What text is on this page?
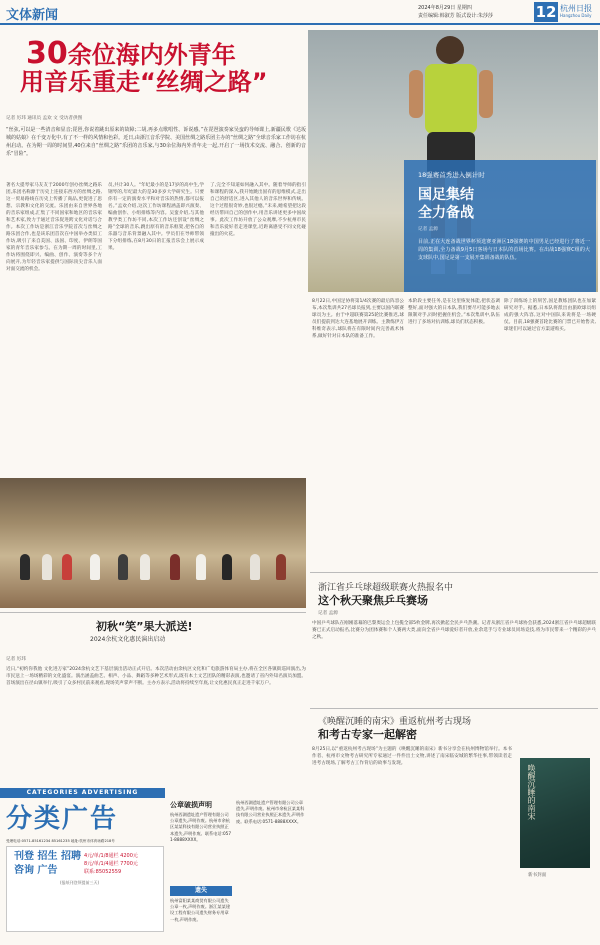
文体新闻	2024年8月29日 星期四
责任编辑:韩淑芳 版式设计:朱莎莎	12 杭州日报
Hangzhou Daily
30余位海内外青年
用音乐重走“丝绸之路”
记者 厉玮 通讯员 孟欢 文 受访者供图
“丝弦,可以是一些清音和显音;琵琶,你说着跳出原来的故障;二胡,再多点歌唱性、诉说感。”在琵琶演奏家吴蛮的导师课上,新疆民歌《达坂城的姑娘》在千变万化中,有了不一样的风情和色彩。近日,由浙江音乐学院、美国丝绸之路乐团主办的“丝绸之路”全球音乐家工作坊在杭州启动。在为期一周的时间里,40位来自“丝绸之路”乐团的音乐家,与30余位海内外青年走一起,开启了一场技术交流、融合、创新的音乐“冒险”。
著名大提琴家马友友于2000年创办丝绸之路乐团,乐团名称源于历史上连接东西方的丝绸之路,这一贸易路线在历史上传播了商品,更促进了思想、宗教和文化的交流。乐团由来自世界各地的音乐家组成,汇集了不同国家和地区的音乐家和艺术家,致力于通过音乐促进跨文化对话与合作。本次工作坊是浙江音乐学院首次与丝绸之路乐团合作,也是该乐团首次在中国举办类似工作坊,吸引了来自美国、法国、印度、伊朗等国家的青年音乐家参与。在为期一周的时间里,工作坊将围绕即兴、编曲、创作、演奏等多个方向展开,为年轻音乐家提供与国际顶尖音乐人面对面交流的机会。
员,共计30人。“年纪最小的是17岁的高中生,学钢琴的,年纪最大的是30多岁大学研究生。只要你有一定的演奏水平和对音乐的热情,都可以报名。”孟欢介绍,这次工作坊课程涵盖即兴演奏、编曲创作、小组排练等内容。吴蛮介绍,与其他教学类工作坊不同,本次工作坊还创设“丝绸之路”全球的音乐,跳出原有的音乐框架,把各自的乐器与音乐背景融入其中。学员们在导师带领下分组排练,在8月30日的汇报音乐会上展示成果。
了,完全不知道如何融入其中。随着导师的指引和课程的深入,我开始跳出固有的思维模式,走出自己的舒适区,进入其他人的音乐世界和传统。这个过程很奇妙,也很过瘾。”未来,她希望把这段经历带回自己的创作中,用音乐讲述更多中国故事。此次工作坊开放了公众观摩,不少杭州市民和音乐爱好者走进课堂,近距离感受不同文化碰撞出的火花。
18强赛首秀进入倒计时
国足集结
全力备战
记者 孟源
目前,正在大连备战世界杯预选赛亚洲区18强赛的中国男足已经进行了将近一周的集训,全力备战9月5日客场与日本队的首场比赛。在出战18强赛C组的大支球队中,国足是第一支展开集训备战的队伍。
8月22日,中国足协将第1/4次赛的最后阵容公布,本次集训共27名球员报到,主要以国内联赛球员为主。由于中超联赛第25轮比赛推迟,球员们提前到达大连基地展开训练。主教练伊万科维奇表示,球队将在有限时间内完善战术体系,做好针对日本队的准备工作。
本阶段主要任务,是在这里恢复体能,把状态调整好,面对强大的日本队,我们要尽可能多地去限制对手,同时把握住机会。”本次集训中,队伍进行了多场对抗训练,球员们状态积极。
除了训练场上的刻苦,国足教练团队也在加紧研究对手。据悉,日本队将派出由旅欧球员组成的强大阵容,这对中国队来说将是一场硬仗。目前,18强赛首轮比赛的门票已开始售卖,球迷们可以通过官方渠道购买。
浙江省乒乓球超级联赛火热报名中
这个秋天聚焦乒乓赛场
记者 孟源
中国乒乓球队在刚刚落幕的巴黎奥运会上包揽全部5枚金牌,再次掀起全民乒乓热潮。记者从浙江省乒乓球协会获悉,2024浙江省乒乓球超级联赛已正式启动报名,比赛分为团体赛和个人赛两大类,面向全省乒乓球爱好者开放,业余选手与专业球员同场竞技,将为市民带来一个精彩的乒乓之秋。
《唤醒沉睡的南宋》重返杭州考古现场
和考古专家一起解密
8月25日,以“重返杭州考古现场”为主题的《唤醒沉睡的南宋》新书分享会在杭州博物馆举行。本书作者、杭州市文物考古研究所专家通过一件件出土文物,讲述了南宋临安城的繁华往事,带领读者走进考古现场,了解考古工作背后的故事与发现。
唤醒沉睡的南宋
新书封面
初秋“笑”果大派送!
2024余杭文化惠民演出启动
记者 厉玮
近日,“初约你我他 文化进万家”2024余杭文艺下基层演出活动正式开启。本次活动由余杭区文化和广电旅游体育局主办,将在全区各镇街巡回演出,为市民送上一场场精彩的文化盛宴。演出涵盖曲艺、相声、小品、舞蹈等多种艺术形式,既有本土文艺团队的精彩表演,也邀请了省内外知名演员加盟。首场演出在径山镇举行,吸引了众多村民前来观看,现场笑声掌声不断。主办方表示,活动将持续至年底,让文化惠民真正走进千家万户。
CATEGORIES ADVERTISING
分类广告
受理电话:0571-85161234 85161235 地址:杭州市体育场路218号
刊登 招生 招聘
咨询 广告
4元/单/1/8通栏 4200元
8元/单/1/4通栏 7700元
联系:85052559
(报纸刊登须提前三天)
公章破损声明
杭州西湖遗址遗产管理有限公司公章遗失,声明作废。杭州市余杭区某某科技有限公司营业执照正本遗失,声明作废。联系电话:0571-8888XXXX。
遗失
杭州富阳某某商贸有限公司遗失公章一枚,声明作废。浙江某某建设工程有限公司遗失财务专用章一枚,声明作废。
杭州西湖遗址遗产管理有限公司公章遗失,声明作废。杭州市余杭区某某科技有限公司营业执照正本遗失,声明作废。联系电话:0571-8888XXXX。
